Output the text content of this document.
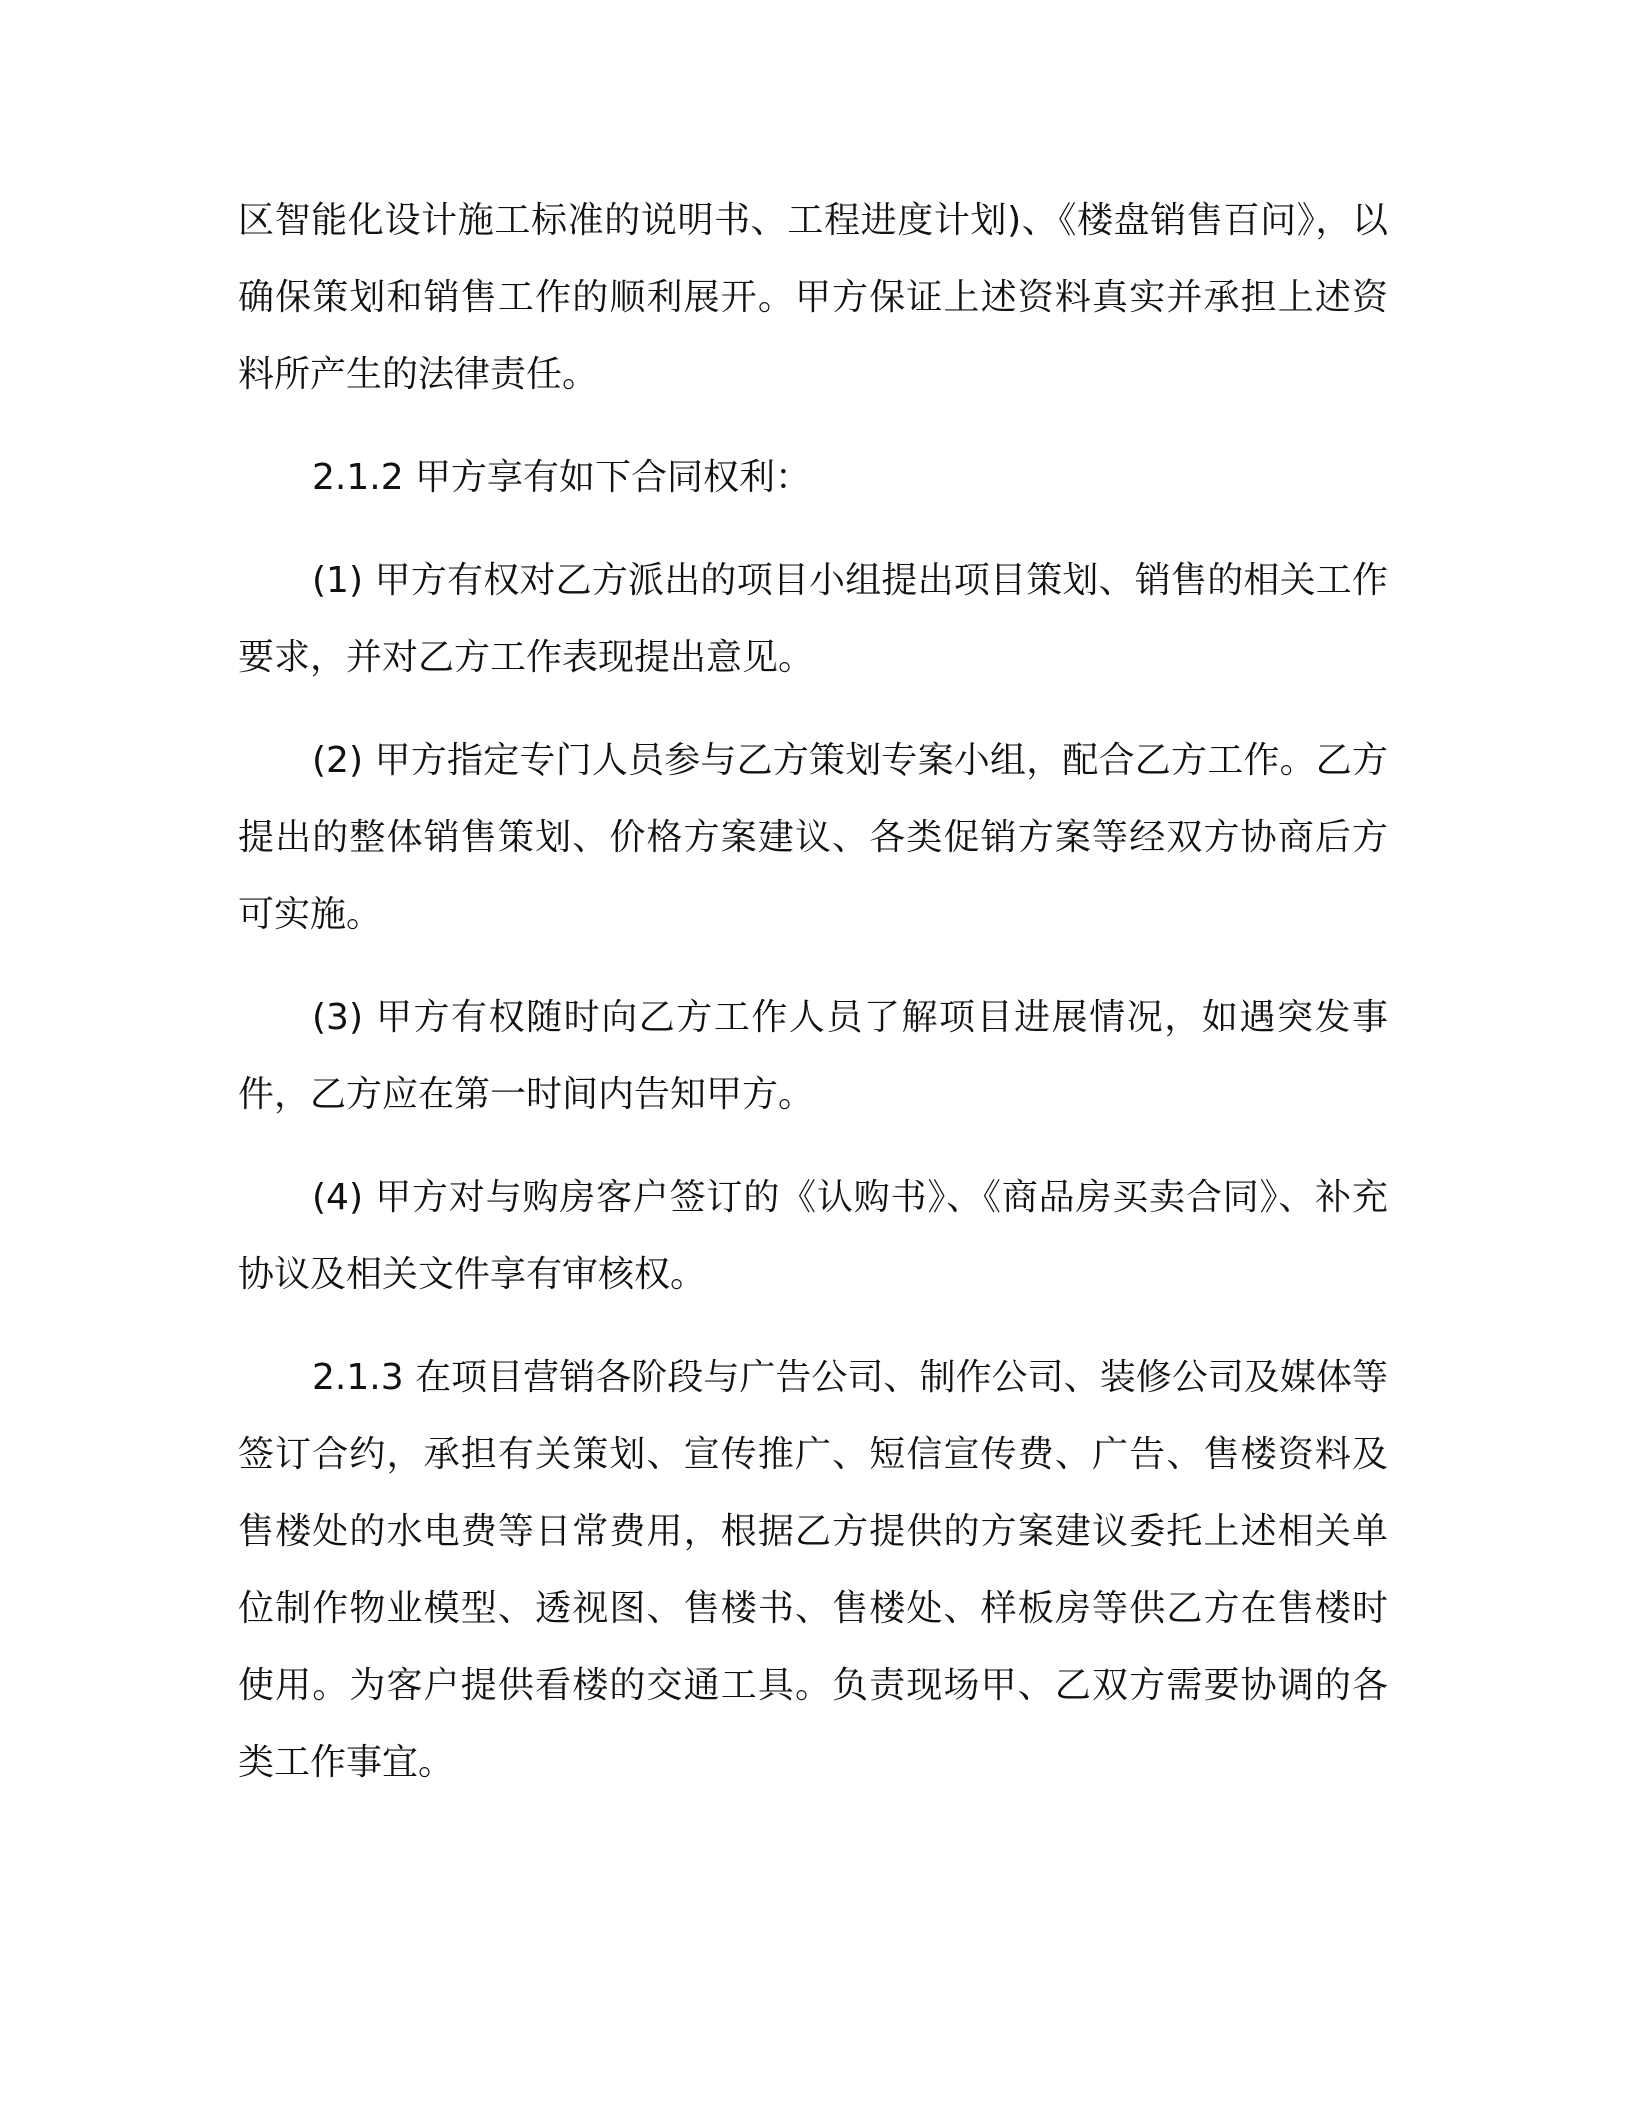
区智能化设计施工标准的说明书、工程进度计划)、《楼盘销售百问》，以确保策划和销售工作的顺利展开。甲方保证上述资料真实并承担上述资料所产生的法律责任。

2.1.2 甲方享有如下合同权利：

(1) 甲方有权对乙方派出的项目小组提出项目策划、销售的相关工作要求，并对乙方工作表现提出意见。

(2) 甲方指定专门人员参与乙方策划专案小组，配合乙方工作。乙方提出的整体销售策划、价格方案建议、各类促销方案等经双方协商后方可实施。

(3) 甲方有权随时向乙方工作人员了解项目进展情况，如遇突发事件，乙方应在第一时间内告知甲方。

(4) 甲方对与购房客户签订的《认购书》、《商品房买卖合同》、补充协议及相关文件享有审核权。

2.1.3 在项目营销各阶段与广告公司、制作公司、装修公司及媒体等签订合约，承担有关策划、宣传推广、短信宣传费、广告、售楼资料及售楼处的水电费等日常费用，根据乙方提供的方案建议委托上述相关单位制作物业模型、透视图、售楼书、售楼处、样板房等供乙方在售楼时使用。为客户提供看楼的交通工具。负责现场甲、乙双方需要协调的各类工作事宜。
